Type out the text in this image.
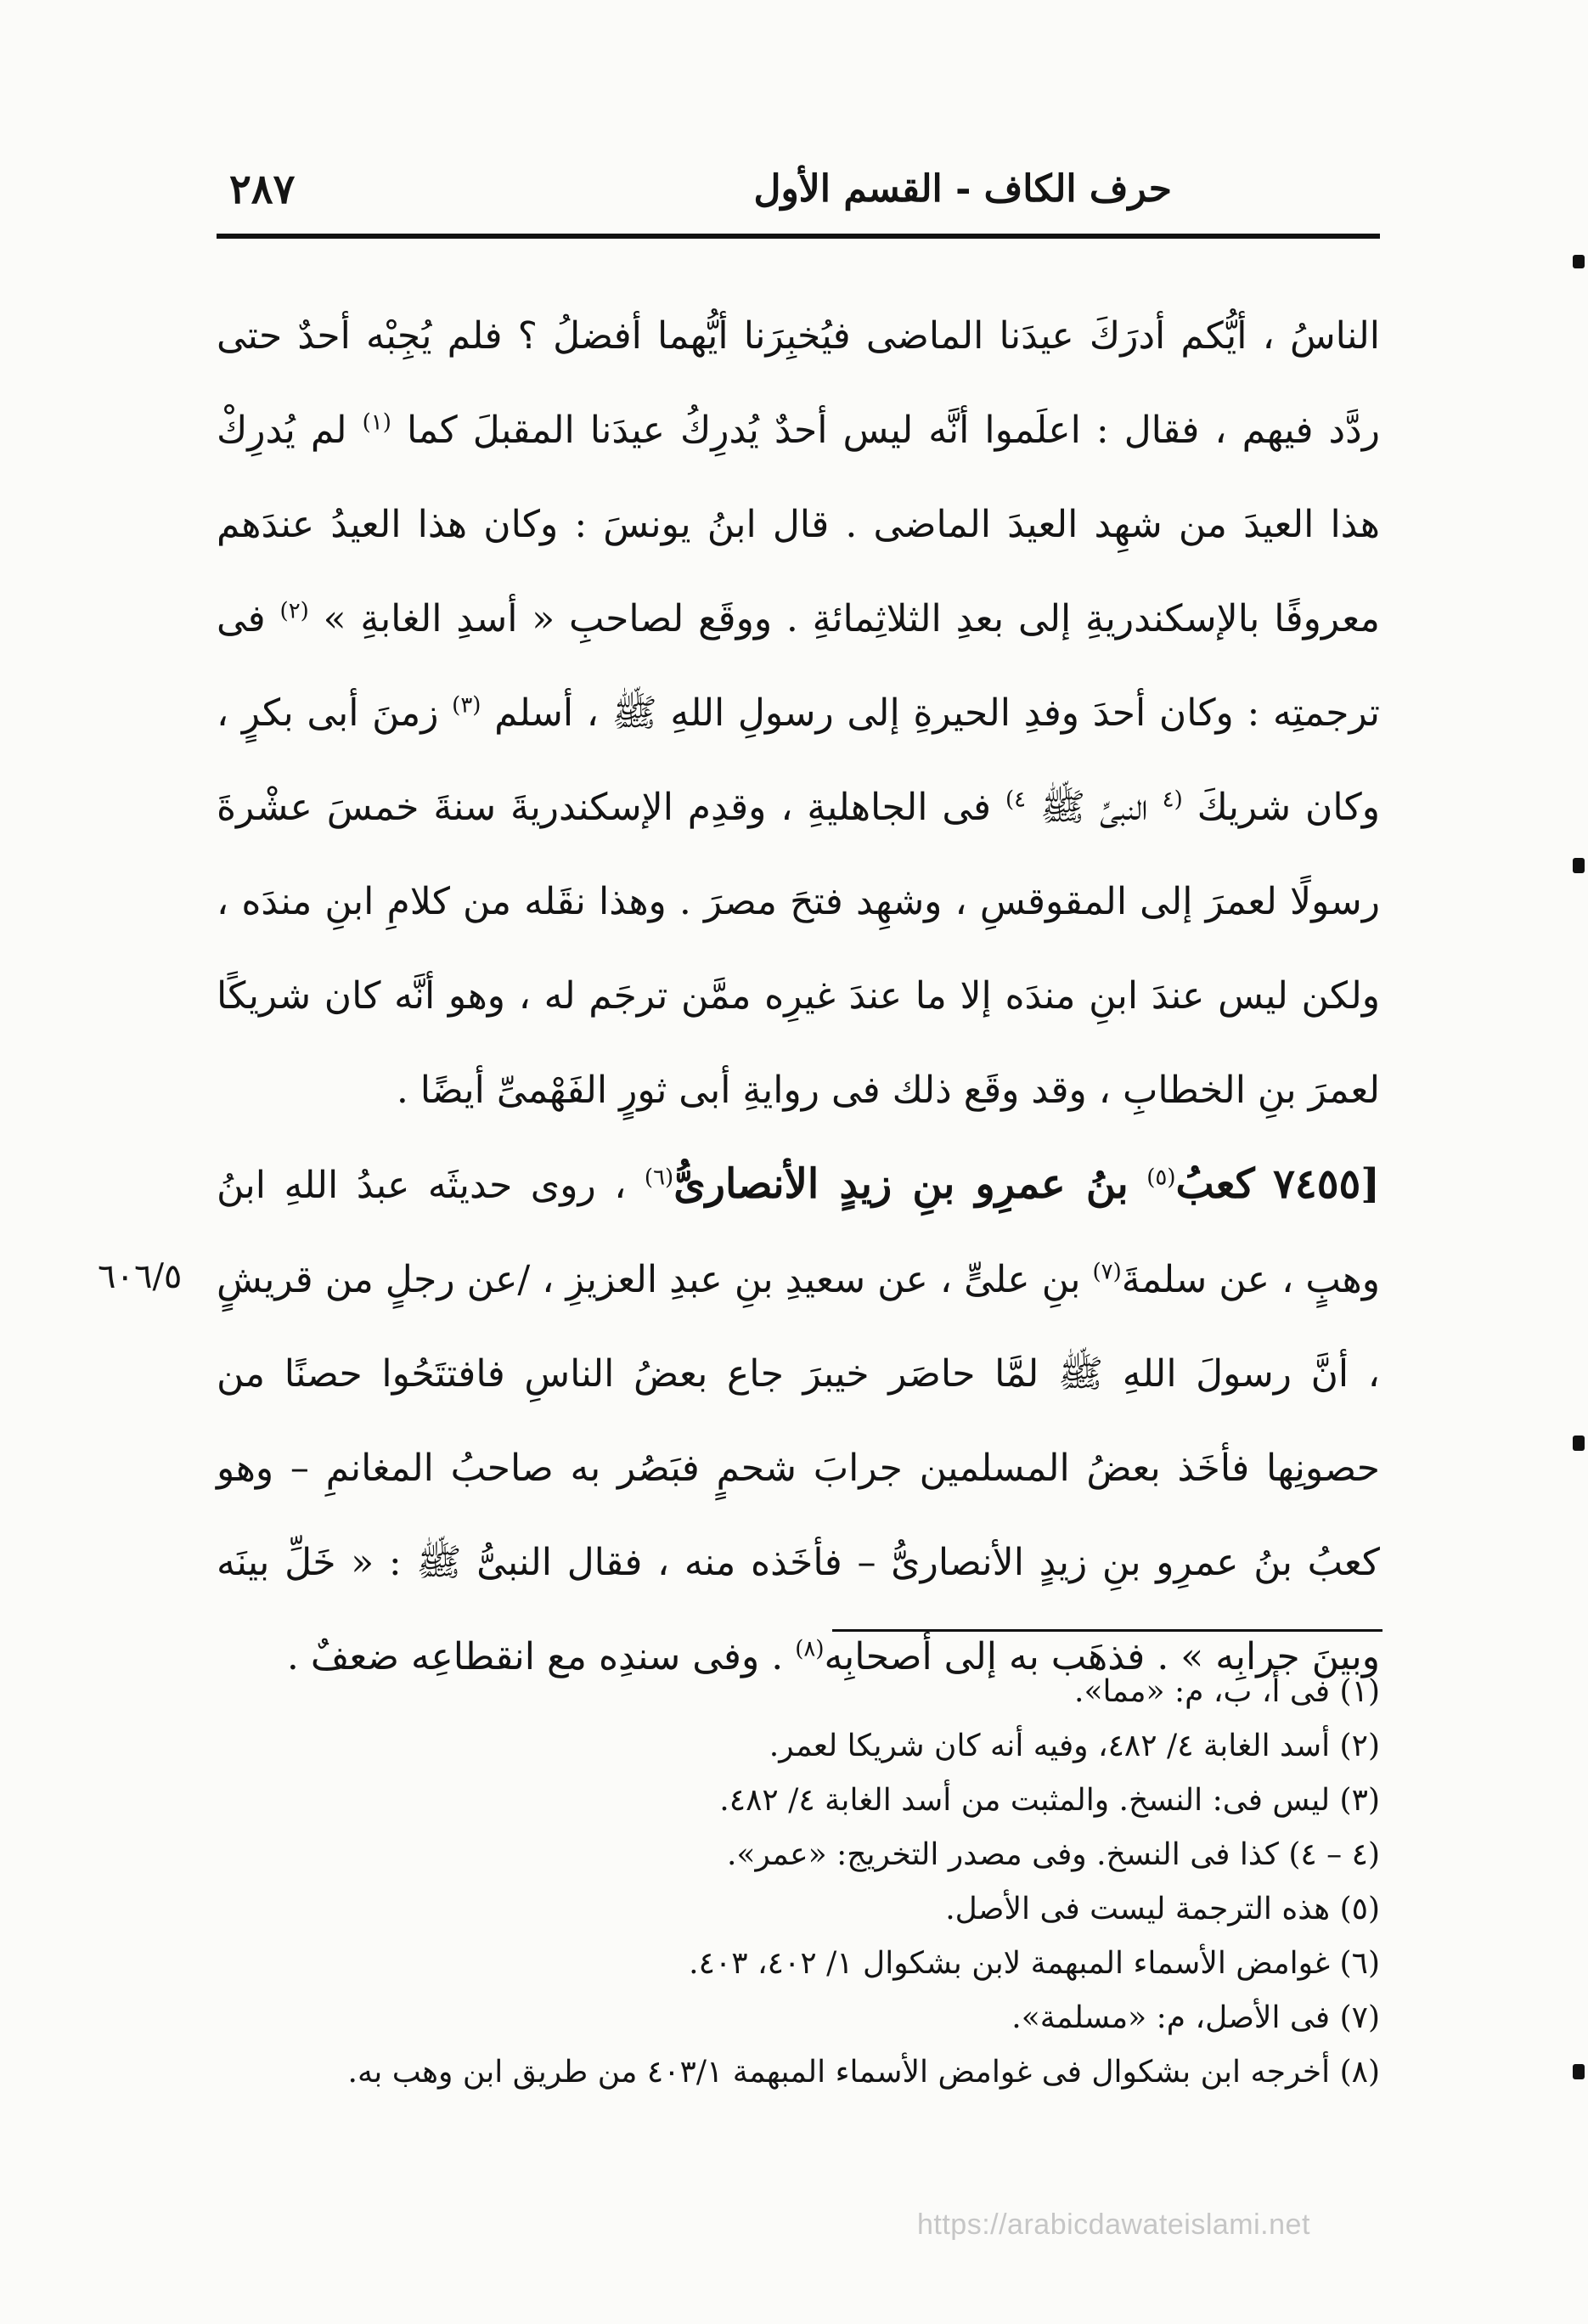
٢٨٧	حرف الكاف - القسم الأول

الناسُ ، أيُّكم أدرَكَ عيدَنا الماضى فيُخبِرَنا أيُّهما أفضلُ ؟ فلم يُجِبْه أحدٌ حتى ردَّد فيهم ، فقال : اعلَموا أنَّه ليس أحدٌ يُدرِكُ عيدَنا المقبلَ كما $^{(١)}$ لم يُدرِكْ هذا العيدَ من شهِد العيدَ الماضى . قال ابنُ يونسَ : وكان هذا العيدُ عندَهم معروفًا بالإسكندريةِ إلى بعدِ الثلاثِمائةِ . ووقَع لصاحبِ « أسدِ الغابةِ » $^{(٢)}$ فى ترجمتِه : وكان أحدَ وفدِ الحيرةِ إلى رسولِ اللهِ ﷺ ، أسلم $^{(٣)}$ زمنَ أبى بكرٍ ، وكان شريكَ $^{(٤}$ النبىِّ ﷺ $^{٤)}$ فى الجاهليةِ ، وقدِم الإسكندريةَ سنةَ خمسَ عشْرةَ رسولًا لعمرَ إلى المقوقسِ ، وشهِد فتحَ مصرَ . وهذا نقَله من كلامِ ابنِ مندَه ، ولكن ليس عندَ ابنِ مندَه إلا ما عندَ غيرِه ممَّن ترجَم له ، وهو أنَّه كان شريكًا لعمرَ بنِ الخطابِ ، وقد وقَع ذلك فى روايةِ أبى ثورٍ الفَهْمىِّ أيضًا .

[٧٤٥٥ كعبُ$^{(٥)}$ بنُ عمرِو بنِ زيدٍ الأنصارىُّ$^{(٦)}$ ، روى حديثَه عبدُ اللهِ ابنُ وهبٍ ، عن سلمةَ$^{(٧)}$ بنِ علىٍّ ، عن سعيدِ بنِ عبدِ العزيزِ ، /عن رجلٍ من قريشٍ ، أنَّ رسولَ اللهِ ﷺ لمَّا حاصَر خيبرَ جاع بعضُ الناسِ فافتتَحُوا حصنًا من حصونِها فأخَذ بعضُ المسلمين جرابَ شحمٍ فبَصُر به صاحبُ المغانمِ – وهو كعبُ بنُ عمرِو بنِ زيدٍ الأنصارىُّ – فأخَذه منه ، فقال النبىُّ ﷺ : « خَلِّ بينَه وبينَ جرابِه » . فذهَب به إلى أصحابِه$^{(٨)}$ . وفى سندِه مع انقطاعِه ضعفٌ .

٦٠٦/٥
(١) فى أ، ب، م: «مما».
(٢) أسد الغابة ٤/ ٤٨٢، وفيه أنه كان شريكا لعمر.
(٣) ليس فى: النسخ. والمثبت من أسد الغابة ٤/ ٤٨٢.
(٤ – ٤) كذا فى النسخ. وفى مصدر التخريج: «عمر».
(٥) هذه الترجمة ليست فى الأصل.
(٦) غوامض الأسماء المبهمة لابن بشكوال ١/ ٤٠٢، ٤٠٣.
(٧) فى الأصل، م: «مسلمة».
(٨) أخرجه ابن بشكوال فى غوامض الأسماء المبهمة ٤٠٣/١ من طريق ابن وهب به.
https://arabicdawateislami.net
